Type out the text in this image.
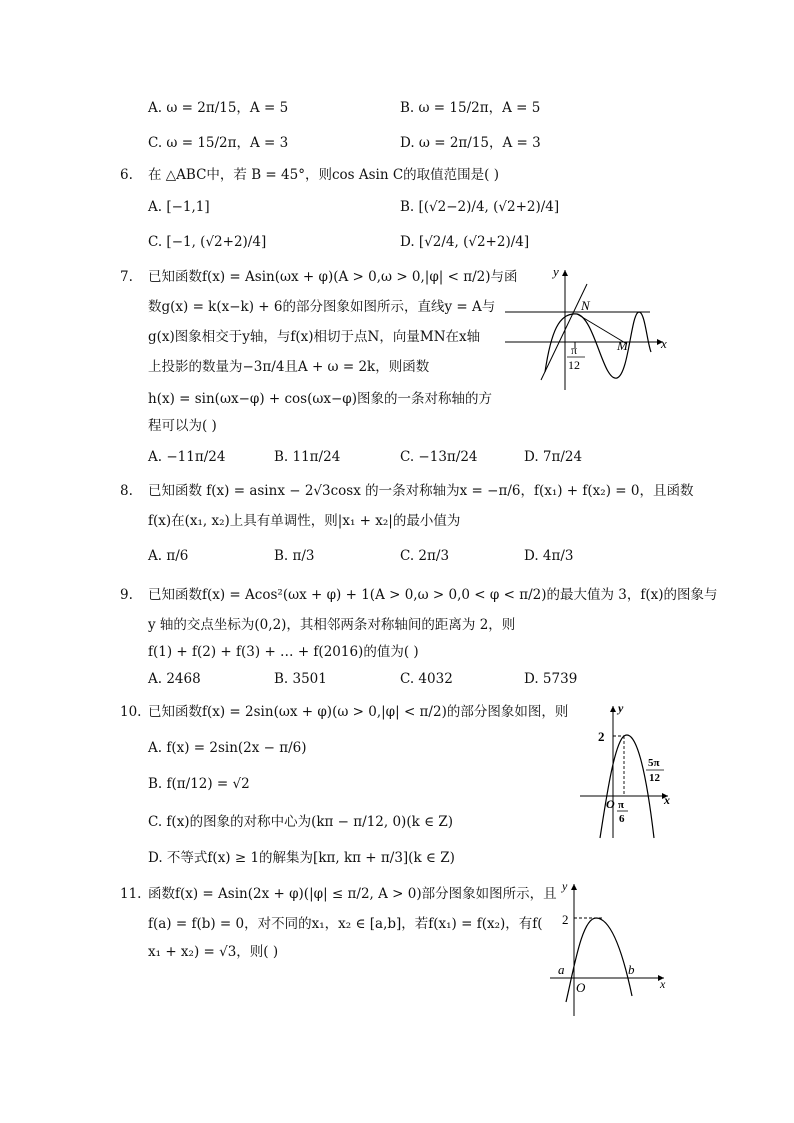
A. ω = 2π/15，A = 5	B. ω = 15/2π，A = 5
C. ω = 15/2π，A = 3	D. ω = 2π/15，A = 3
6. 在 △ABC中，若 B = 45°，则cos Asin C的取值范围是( )
A. [−1,1]	B. [(√2−2)/4, (√2+2)/4]
C. [−1, (√2+2)/4]	D. [√2/4, (√2+2)/4]
7. 已知函数f(x) = Asin(ωx + φ)(A > 0,ω > 0,|φ| < π/2)与函
数g(x) = k(x−k) + 6的部分图象如图所示，直线y = A与
g(x)图象相交于y轴，与f(x)相切于点N，向量MN在x轴
上投影的数量为−3π/4且A + ω = 2k，则函数
h(x) = sin(ωx−φ) + cos(ωx−φ)图象的一条对称轴的方
程可以为( )
A. −11π/24	B. 11π/24	C. −13π/24	D. 7π/24
y
x
N
M
π
12
8. 已知函数 f(x) = asinx − 2√3cosx 的一条对称轴为x = −π/6，f(x₁) + f(x₂) = 0，且函数
f(x)在(x₁, x₂)上具有单调性，则|x₁ + x₂|的最小值为
A. π/6	B. π/3	C. 2π/3	D. 4π/3
9. 已知函数f(x) = Acos²(ωx + φ) + 1(A > 0,ω > 0,0 < φ < π/2)的最大值为 3，f(x)的图象与
y 轴的交点坐标为(0,2)，其相邻两条对称轴间的距离为 2，则
f(1) + f(2) + f(3) + … + f(2016)的值为( )
A. 2468	B. 3501	C. 4032	D. 5739
10. 已知函数f(x) = 2sin(ωx + φ)(ω > 0,|φ| < π/2)的部分图象如图，则
A. f(x) = 2sin(2x − π/6)
B. f(π/12) = √2
C. f(x)的图象的对称中心为(kπ − π/12, 0)(k ∈ Z)
D. 不等式f(x) ≥ 1的解集为[kπ, kπ + π/3](k ∈ Z)
y
x
2
O π
6
5π
12
11. 函数f(x) = Asin(2x + φ)(|φ| ≤ π/2, A > 0)部分图象如图所示，且
f(a) = f(b) = 0，对不同的x₁，x₂ ∈ [a,b]，若f(x₁) = f(x₂)，有f(
x₁ + x₂) = √3，则( )
y
x
2
a	b
O
